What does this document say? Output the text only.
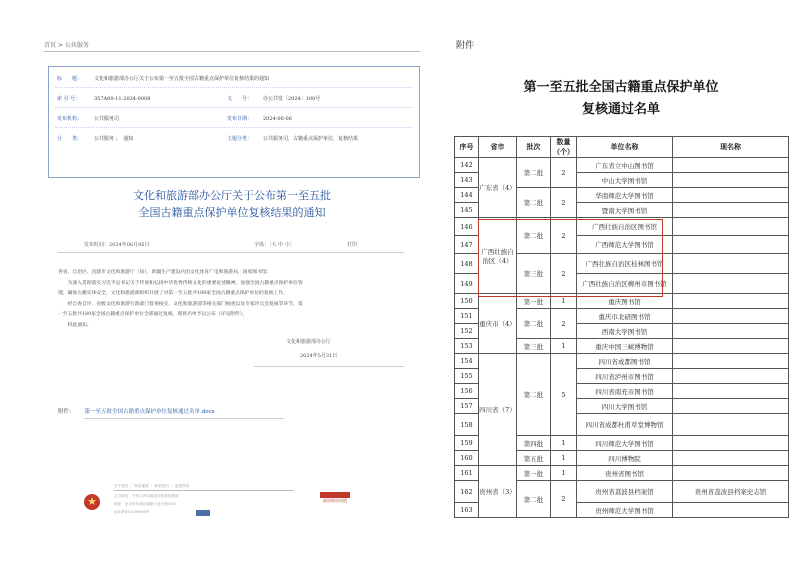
首页 > 公共服务
标　　题： 文化和旅游部办公厅关于公布第一至五批全国古籍重点保护单位复核结果的通知
索 引 号：	357A00-11-2024-0008	文　　号： 办公共发〔2024〕100号
发布机构： 公共服务司	发布日期： 2024-06-06
分　　类： 公共服务 ；　通知	主题分类： 公共服务司，古籍重点保护单位，复核结果
文化和旅游部办公厅关于公布第一至五批
全国古籍重点保护单位复核结果的通知
发布时间：2024年06月06日	字体：［大 中 小］	打印

各省、自治区、直辖市文化和旅游厅（局），新疆生产建设兵团文化体育广电和旅游局，国家图书馆：

　　为深入贯彻落实习近平总书记关于传承和弘扬中华优秀传统文化的重要论述精神，加强全国古籍重点保护单位管

理，确保古籍实体安全，文化和旅游部组织开展了对第一至五批共180家全国古籍重点保护单位的复核工作。

　　经自查自评、省级文化和旅游行政部门督查核实、文化和旅游部等相关部门抽查以及专家评议会复核等环节，第

一至五批共180家全国古籍重点保护单位全部通过复核，现将名单予以公布（详见附件）。

　　特此通知。

文化和旅游部办公厅
2024年5月31日
附件： 第一至五批全国古籍重点保护单位复核通过名单.docx
★
关于我们 ｜ 网站地图 ｜ 联系我们 ｜ 意见声明
主办单位：中华人民共和国文化和旅游部
地址：北京市东城区朝阳门北大街10号
京ICP备12009980号
政府网站找错
附件
第一至五批全国古籍重点保护单位
复核通过名单
序号	省市	批次	数量（个）	单位名称	现名称
142	广东省（4）	第二批	2	广东省立中山图书馆	
143				中山大学图书馆	
144		第二批	2	华南师范大学图书馆	
145				暨南大学图书馆	
146	广西壮族自治区（4）	第二批	2	广西壮族自治区图书馆	
147				广西师范大学图书馆	
148		第三批	2	广西壮族自治区桂林图书馆	
149				广西壮族自治区柳州市图书馆	
150	重庆市（4）	第一批	1	重庆图书馆	
151		第二批	2	重庆市北碚图书馆	
152				西南大学图书馆	
153		第三批	1	重庆中国三峡博物馆	
154	四川省（7）	第二批	5	四川省成都图书馆	
155				四川省泸州市图书馆	
156				四川省南充市图书馆	
157				四川大学图书馆	
158				四川省成都杜甫草堂博物馆	
159		第四批	1	四川师范大学图书馆	
160		第五批	1	四川博物院	
161	贵州省（3）	第一批	1	贵州省图书馆	
162		第二批	2	贵州省荔波县档案馆	贵州省荔波县档案史志馆
163				贵州师范大学图书馆	
